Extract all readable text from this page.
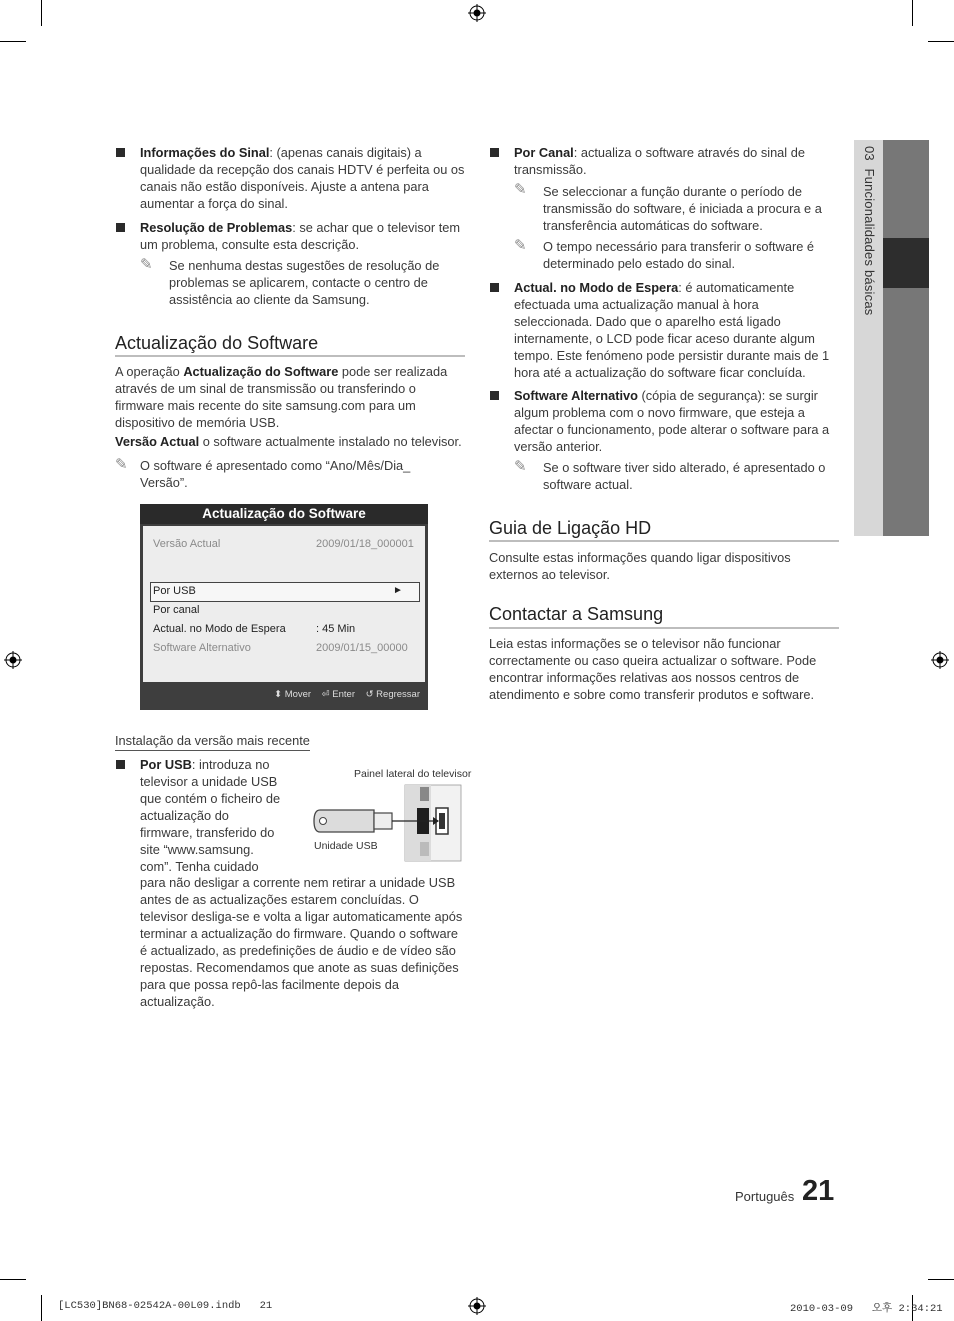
03  Funcionalidades básicas
Informações do Sinal: (apenas canais digitais) a qualidade da recepção dos canais HDTV é perfeita ou os canais não estão disponíveis. Ajuste a antena para aumentar a força do sinal.
Resolução de Problemas: se achar que o televisor tem um problema, consulte esta descrição.
✎ Se nenhuma destas sugestões de resolução de problemas se aplicarem, contacte o centro de assistência ao cliente da Samsung.
Actualização do Software
A operação Actualização do Software pode ser realizada através de um sinal de transmissão ou transferindo o firmware mais recente do site samsung.com para um dispositivo de memória USB.
Versão Actual o software actualmente instalado no televisor.
✎ O software é apresentado como “Ano/Mês/Dia_ Versão”.
Actualização do Software
Versão Actual	2009/01/18_000001
Por USB	►
Por canal
Actual. no Modo de Espera	: 45 Min
Software Alternativo	2009/01/15_00000
⬍ Mover ⏎ Enter ↺ Regressar
Instalação da versão mais recente
Por USB: introduza no televisor a unidade USB que contém o ficheiro de actualização do firmware, transferido do site “www.samsung. com”. Tenha cuidado
para não desligar a corrente nem retirar a unidade USB antes de as actualizações estarem concluídas. O televisor desliga-se e volta a ligar automaticamente após terminar a actualização do firmware. Quando o software é actualizado, as predefinições de áudio e de vídeo são repostas. Recomendamos que anote as suas definições para que possa repô-las facilmente depois da actualização.
Painel lateral do televisor
Unidade USB
Por Canal: actualiza o software através do sinal de transmissão.
✎ Se seleccionar a função durante o período de transmissão do software, é iniciada a procura e a transferência automáticas do software.
✎ O tempo necessário para transferir o software é determinado pelo estado do sinal.
Actual. no Modo de Espera: é automaticamente efectuada uma actualização manual à hora seleccionada. Dado que o aparelho está ligado internamente, o LCD pode ficar aceso durante algum tempo. Este fenómeno pode persistir durante mais de 1 hora até a actualização do software ficar concluída.
Software Alternativo (cópia de segurança): se surgir algum problema com o novo firmware, que esteja a afectar o funcionamento, pode alterar o software para a versão anterior.
✎ Se o software tiver sido alterado, é apresentado o software actual.
Guia de Ligação HD
Consulte estas informações quando ligar dispositivos externos ao televisor.
Contactar a Samsung
Leia estas informações se o televisor não funcionar correctamente ou caso queira actualizar o software. Pode encontrar informações relativas aos nossos centros de atendimento e sobre como transferir produtos e software.
Português 21
[LC530]BN68-02542A-00L09.indb   21	2010-03-09   오후 2:34:21
